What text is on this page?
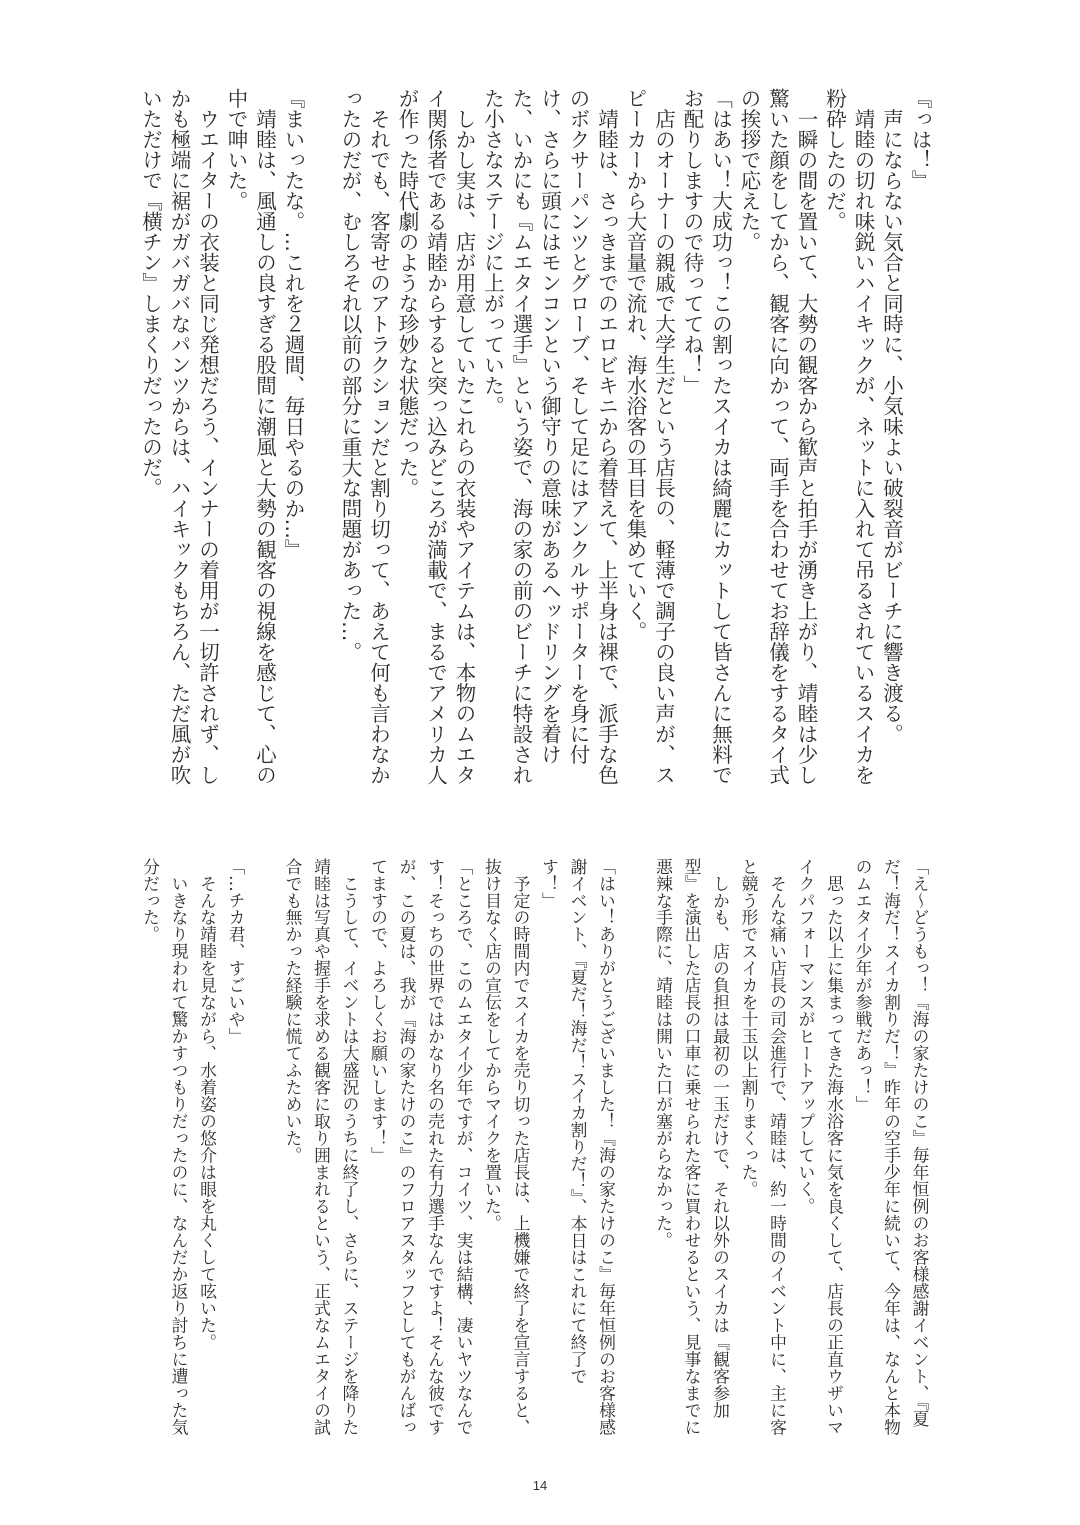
『っは！』
　声にならない気合と同時に、小気味よい破裂音がビーチに響き渡る。
　靖睦の切れ味鋭いハイキックが、ネットに入れて吊るされているスイカを
粉砕したのだ。
　一瞬の間を置いて、大勢の観客から歓声と拍手が湧き上がり、靖睦は少し
驚いた顔をしてから、観客に向かって、両手を合わせてお辞儀をするタイ式
の挨拶で応えた。
「はあい！大成功っ！この割ったスイカは綺麗にカットして皆さんに無料で
お配りしますので待っててね！」
　店のオーナーの親戚で大学生だという店長の、軽薄で調子の良い声が、ス
ピーカーから大音量で流れ、海水浴客の耳目を集めていく。
　靖睦は、さっきまでのエロビキニから着替えて、上半身は裸で、派手な色
のボクサーパンツとグローブ、そして足にはアンクルサポーターを身に付
け、さらに頭にはモンコンという御守りの意味があるヘッドリングを着け
た、いかにも『ムエタイ選手』という姿で、海の家の前のビーチに特設され
た小さなステージに上がっていた。
　しかし実は、店が用意していたこれらの衣装やアイテムは、本物のムエタ
イ関係者である靖睦からすると突っ込みどころが満載で、まるでアメリカ人
が作った時代劇のような珍妙な状態だった。
　それでも、客寄せのアトラクションだと割り切って、あえて何も言わなか
ったのだが、むしろそれ以前の部分に重大な問題があった…。
『まいったな。…これを２週間、毎日やるのか…』
　靖睦は、風通しの良すぎる股間に潮風と大勢の観客の視線を感じて、心の
中で呻いた。
　ウエイターの衣装と同じ発想だろう、インナーの着用が一切許されず、し
かも極端に裾がガバガバなパンツからは、ハイキックもちろん、ただ風が吹
いただけで『横チン』しまくりだったのだ。
「え〜どうもっ！『海の家たけのこ』毎年恒例のお客様感謝イベント、『夏
だ！海だ！スイカ割りだ！』昨年の空手少年に続いて、今年は、なんと本物
のムエタイ少年が参戦だあっ！」
　思った以上に集まってきた海水浴客に気を良くして、店長の正直ウザいマ
イクパフォーマンスがヒートアップしていく。
　そんな痛い店長の司会進行で、靖睦は、約一時間のイベント中に、主に客
と競う形でスイカを十玉以上割りまくった。
　しかも、店の負担は最初の一玉だけで、それ以外のスイカは『観客参加
型』を演出した店長の口車に乗せられた客に買わせるという、見事なまでに
悪辣な手際に、靖睦は開いた口が塞がらなかった。
「はい！ありがとうございました！『海の家たけのこ』毎年恒例のお客様感
謝イベント、『夏だ！海だ！スイカ割りだ！』、本日はこれにて終了で
す！」
　予定の時間内でスイカを売り切った店長は、上機嫌で終了を宣言すると、
抜け目なく店の宣伝をしてからマイクを置いた。
「ところで、このムエタイ少年ですが、コイツ、実は結構、凄いヤツなんで
す！そっちの世界ではかなり名の売れた有力選手なんですよ！そんな彼です
が、この夏は、我が『海の家たけのこ』のフロアスタッフとしてもがんばっ
てますので、よろしくお願いします！」
　こうして、イベントは大盛況のうちに終了し、さらに、ステージを降りた
靖睦は写真や握手を求める観客に取り囲まれるという、正式なムエタイの試
合でも無かった経験に慌てふためいた。
「…チカ君、すごいや」
　そんな靖睦を見ながら、水着姿の悠介は眼を丸くして呟いた。
　いきなり現われて驚かすつもりだったのに、なんだか返り討ちに遭った気
分だった。
14
